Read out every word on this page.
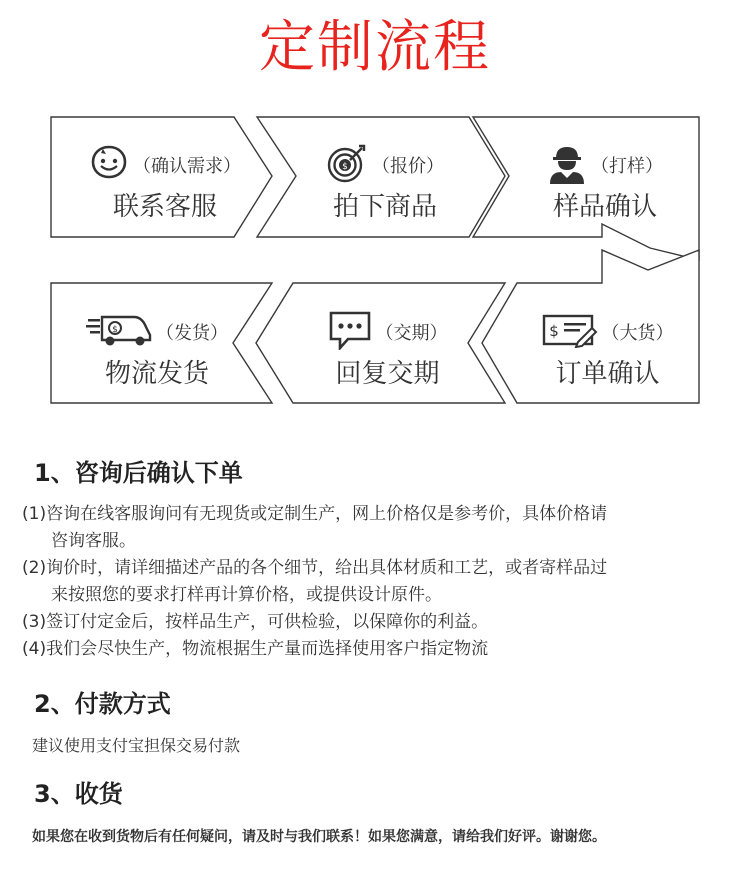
定制流程
（确认需求）
联系客服
$ （报价）
拍下商品
（打样）
样品确认
$ （发货）
物流发货
（交期）
回复交期
$ （大货）
订单确认
1、咨询后确认下单
(1)咨询在线客服询问有无现货或定制生产，网上价格仅是参考价，具体价格请
咨询客服。
(2)询价时，请详细描述产品的各个细节，给出具体材质和工艺，或者寄样品过
来按照您的要求打样再计算价格，或提供设计原件。
(3)签订付定金后，按样品生产，可供检验，以保障你的利益。
(4)我们会尽快生产，物流根据生产量而选择使用客户指定物流
2、付款方式
建议使用支付宝担保交易付款
3、收货
如果您在收到货物后有任何疑问，请及时与我们联系！如果您满意，请给我们好评。谢谢您。
